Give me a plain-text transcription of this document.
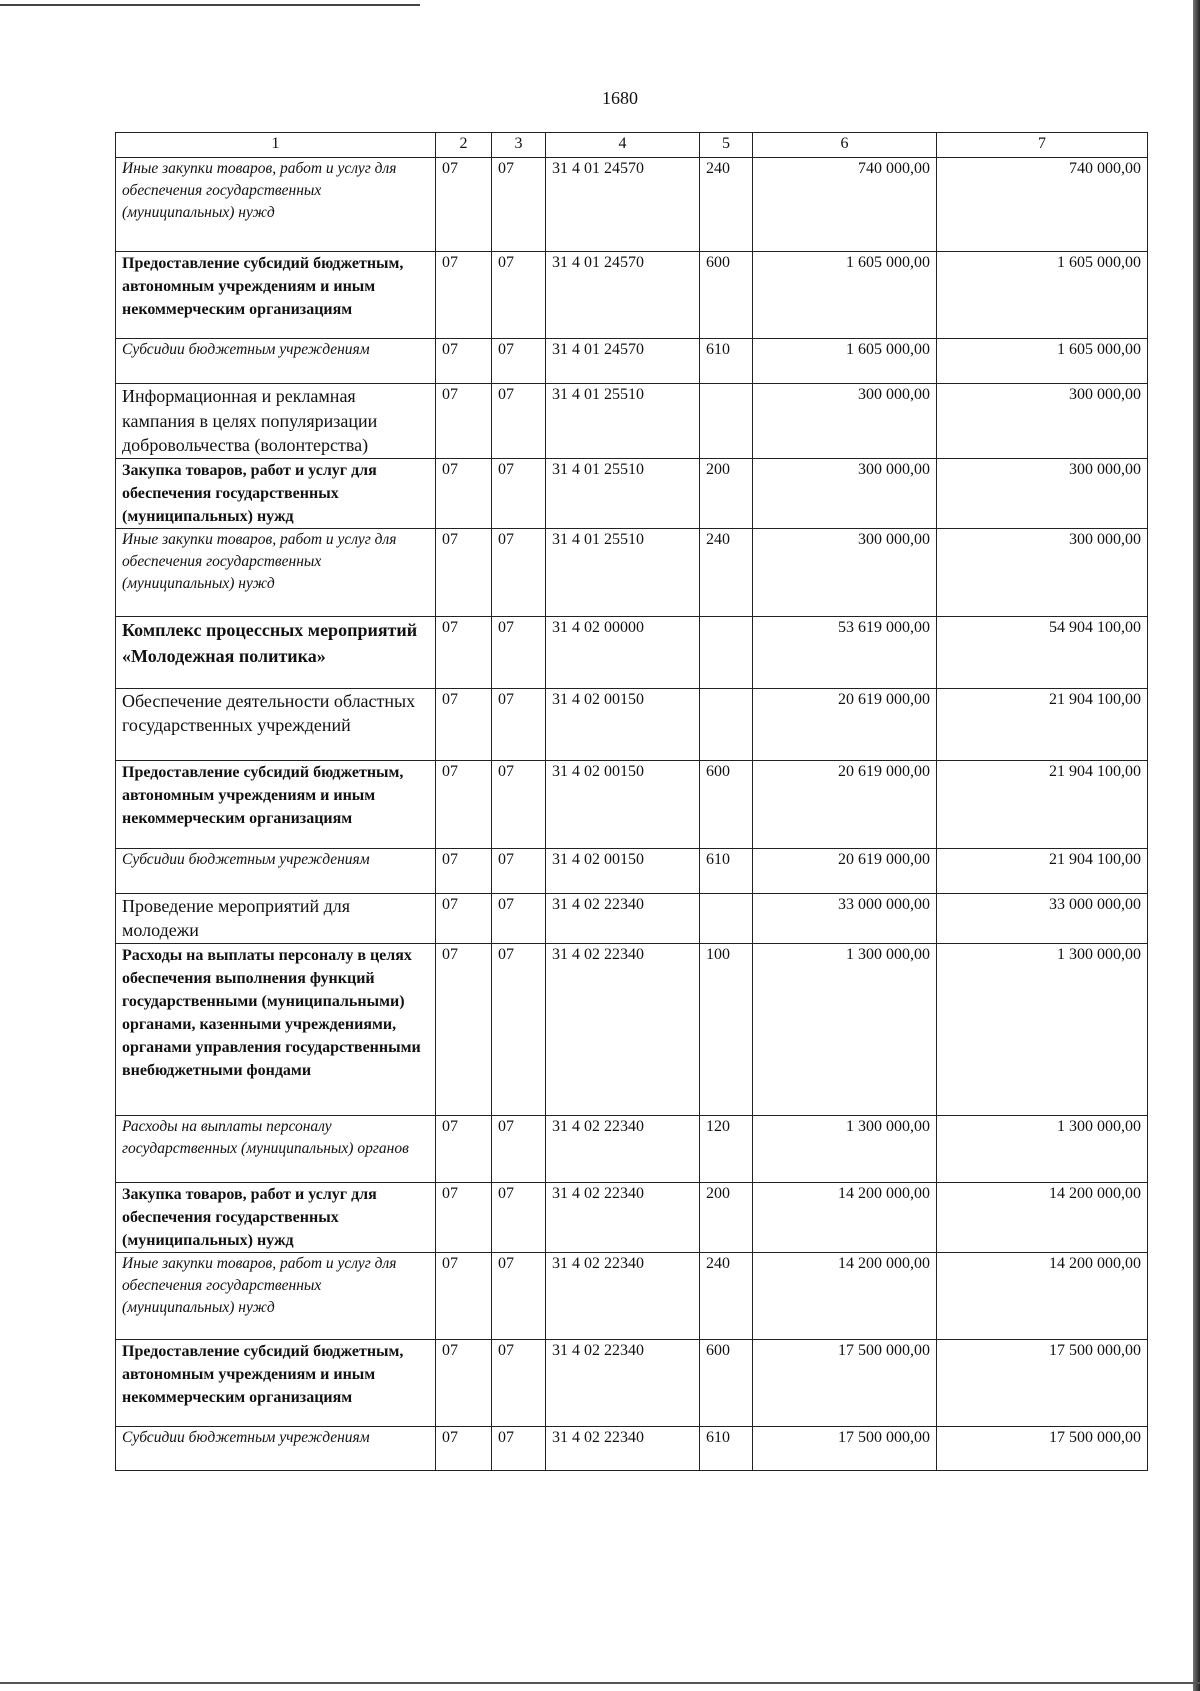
1680
1	2	3	4	5	6	7
Иные закупки товаров, работ и услуг для обеспечения государственных (муниципальных) нужд	07	07	31 4 01 24570	240	740 000,00	740 000,00
Предоставление субсидий бюджетным, автономным учреждениям и иным некоммерческим организациям	07	07	31 4 01 24570	600	1 605 000,00	1 605 000,00
Субсидии бюджетным учреждениям	07	07	31 4 01 24570	610	1 605 000,00	1 605 000,00
Информационная и рекламная кампания в целях популяризации добровольчества (волонтерства)	07	07	31 4 01 25510		300 000,00	300 000,00
Закупка товаров, работ и услуг для обеспечения государственных (муниципальных) нужд	07	07	31 4 01 25510	200	300 000,00	300 000,00
Иные закупки товаров, работ и услуг для обеспечения государственных (муниципальных) нужд	07	07	31 4 01 25510	240	300 000,00	300 000,00
Комплекс процессных мероприятий «Молодежная политика»	07	07	31 4 02 00000		53 619 000,00	54 904 100,00
Обеспечение деятельности областных государственных учреждений	07	07	31 4 02 00150		20 619 000,00	21 904 100,00
Предоставление субсидий бюджетным, автономным учреждениям и иным некоммерческим организациям	07	07	31 4 02 00150	600	20 619 000,00	21 904 100,00
Субсидии бюджетным учреждениям	07	07	31 4 02 00150	610	20 619 000,00	21 904 100,00
Проведение мероприятий для молодежи	07	07	31 4 02 22340		33 000 000,00	33 000 000,00
Расходы на выплаты персоналу в целях обеспечения выполнения функций государственными (муниципальными) органами, казенными учреждениями, органами управления государственными внебюджетными фондами	07	07	31 4 02 22340	100	1 300 000,00	1 300 000,00
Расходы на выплаты персоналу государственных (муниципальных) органов	07	07	31 4 02 22340	120	1 300 000,00	1 300 000,00
Закупка товаров, работ и услуг для обеспечения государственных (муниципальных) нужд	07	07	31 4 02 22340	200	14 200 000,00	14 200 000,00
Иные закупки товаров, работ и услуг для обеспечения государственных (муниципальных) нужд	07	07	31 4 02 22340	240	14 200 000,00	14 200 000,00
Предоставление субсидий бюджетным, автономным учреждениям и иным некоммерческим организациям	07	07	31 4 02 22340	600	17 500 000,00	17 500 000,00
Субсидии бюджетным учреждениям	07	07	31 4 02 22340	610	17 500 000,00	17 500 000,00
